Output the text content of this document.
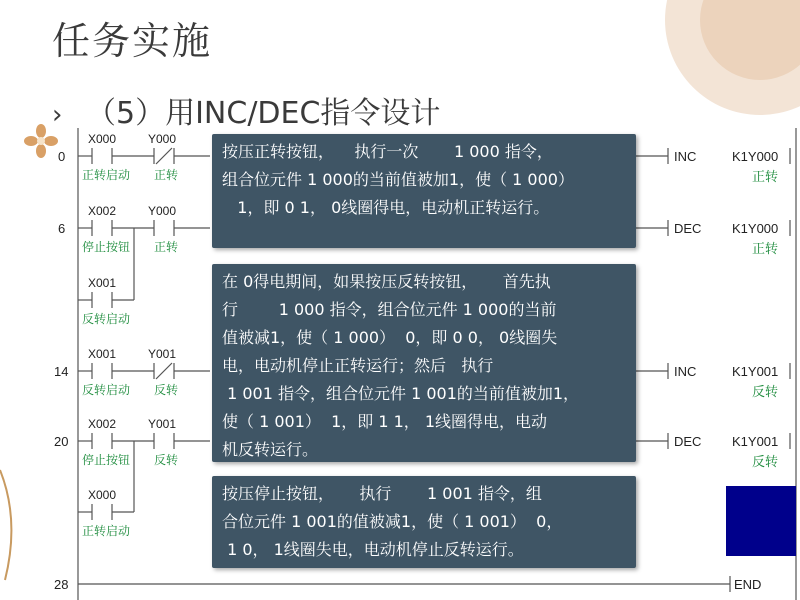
任务实施
› （5）用INC/DEC指令设计
0
6
14
20
28
X000
正转启动
Y000
正转
X002
停止按钮
Y000
正转
X001
反转启动
X001
反转启动
Y001
反转
X002
停止按钮
Y001
反转
X000
正转启动
INC	K1Y000
正转
DEC K1Y000
正转
INC	K1Y001
反转
DEC K1Y001
反转
END
按压正转按钮，    执行一次       1 000 指令，
组合位元件 1 000的当前值被加1，使（ 1 000）
1，即 0 1， 0线圈得电，电动机正转运行。
在 0得电期间，如果按压反转按钮，     首先执
行        1 000 指令，组合位元件 1 000的当前
值被减1，使（ 1 000）  0，即 0 0， 0线圈失
电，电动机停止正转运行；然后   执行
1 001 指令，组合位元件 1 001的当前值被加1，
使（ 1 001）  1，即 1 1， 1线圈得电，电动
机反转运行。
按压停止按钮，     执行       1 001 指令，组
合位元件 1 001的值被减1，使（ 1 001）  0，
1 0， 1线圈失电，电动机停止反转运行。
